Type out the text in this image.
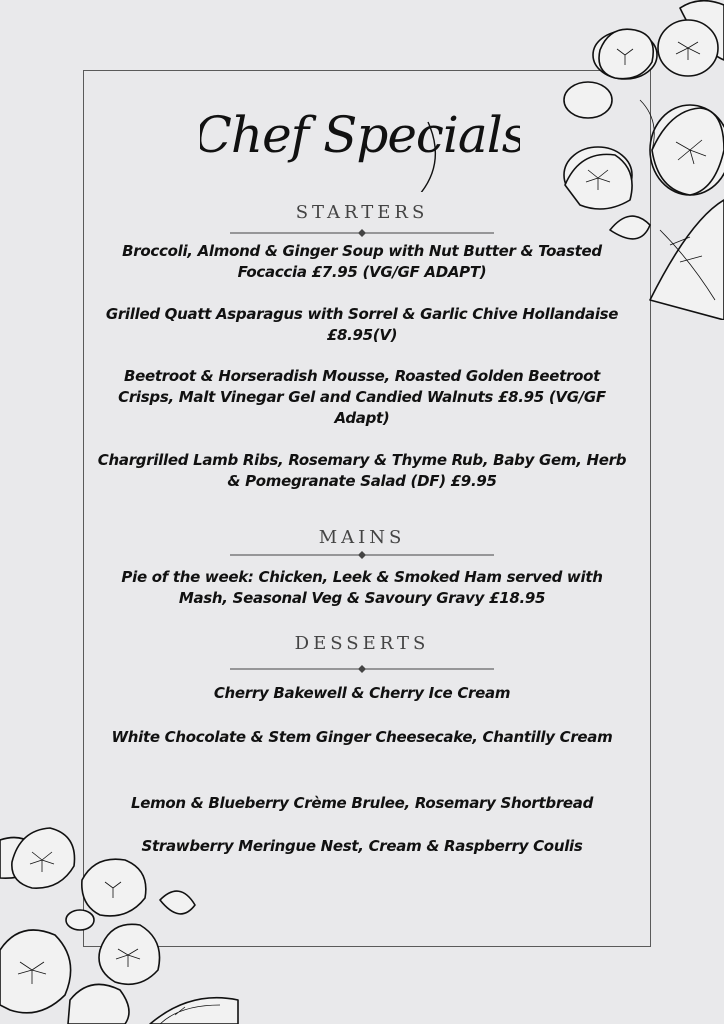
Chef Specials
STARTERS
Broccoli, Almond & Ginger Soup with Nut Butter & Toasted Focaccia £7.95 (VG/GF ADAPT)
Grilled Quatt Asparagus with Sorrel & Garlic Chive Hollandaise £8.95(V)
Beetroot & Horseradish Mousse, Roasted Golden Beetroot Crisps, Malt Vinegar Gel and Candied Walnuts £8.95 (VG/GF Adapt)
Chargrilled Lamb Ribs, Rosemary & Thyme Rub, Baby Gem, Herb & Pomegranate Salad (DF) £9.95
MAINS
Pie of the week: Chicken, Leek & Smoked Ham served with Mash, Seasonal Veg & Savoury Gravy £18.95
DESSERTS
Cherry Bakewell & Cherry Ice Cream
White Chocolate & Stem Ginger Cheesecake, Chantilly Cream
Lemon & Blueberry Crème Brulee, Rosemary Shortbread
Strawberry Meringue Nest, Cream & Raspberry Coulis
